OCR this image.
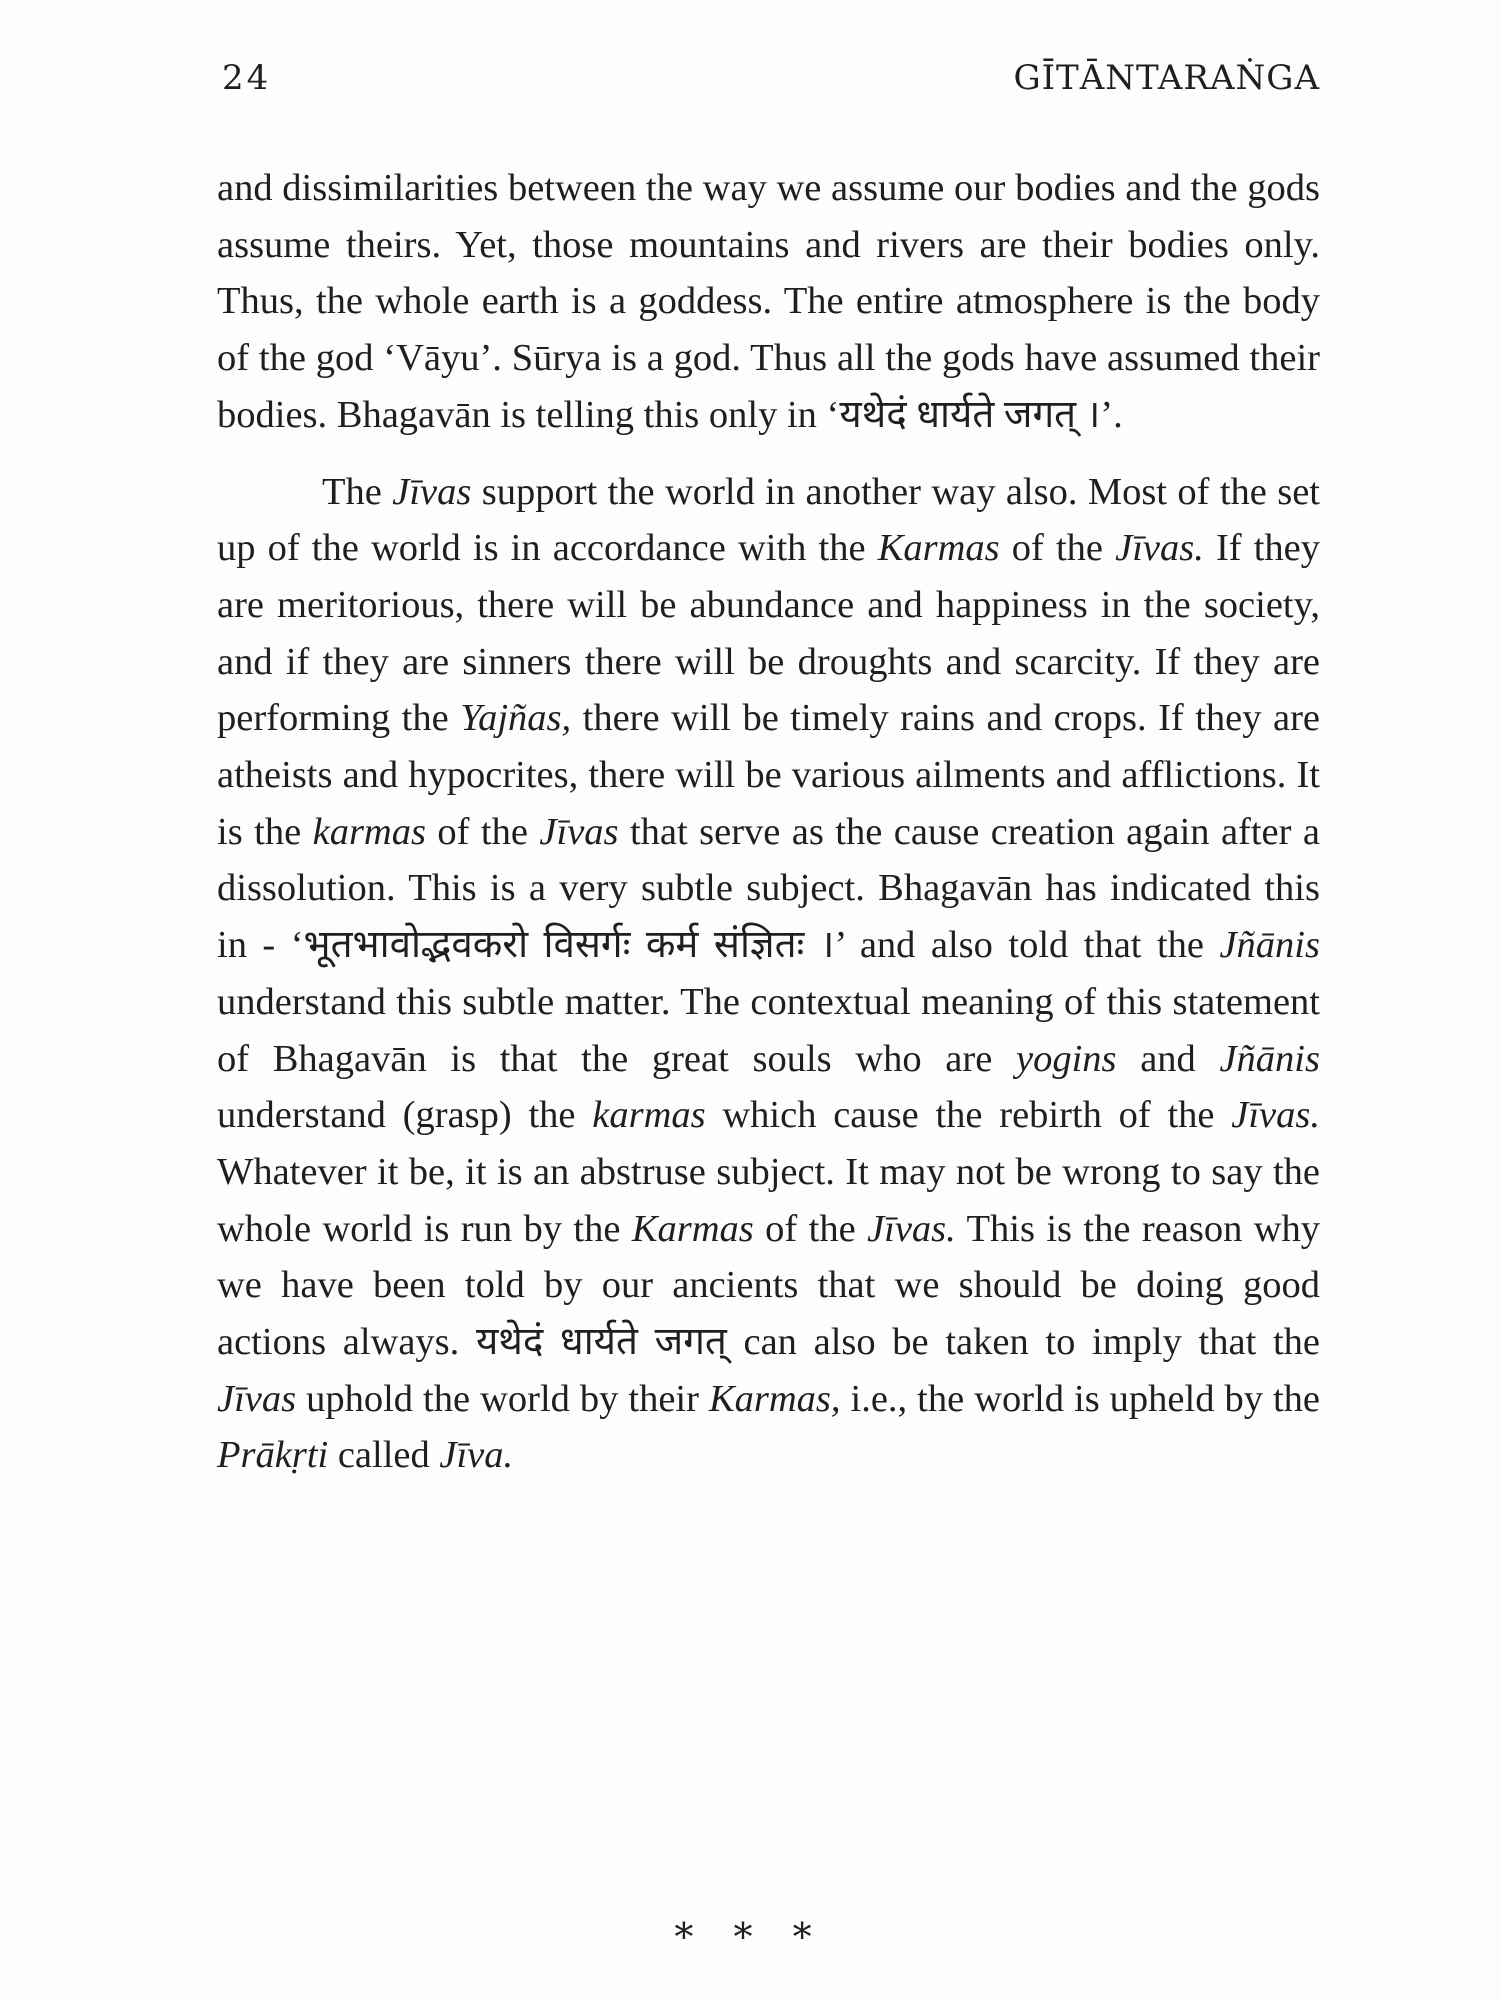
24	GĪTĀNTARAṄGA

and dissimilarities between the way we assume our bodies and the gods assume theirs. Yet, those mountains and rivers are their bodies only. Thus, the whole earth is a goddess. The entire atmosphere is the body of the god ‘Vāyu’. Sūrya is a god. Thus all the gods have assumed their bodies. Bhagavān is telling this only in ‘यथेदं धार्यते जगत् ।’.

The Jīvas support the world in another way also. Most of the set up of the world is in accordance with the Karmas of the Jīvas. If they are meritorious, there will be abundance and happiness in the society, and if they are sinners there will be droughts and scarcity. If they are performing the Yajñas, there will be timely rains and crops. If they are atheists and hypocrites, there will be various ailments and afflictions. It is the karmas of the Jīvas that serve as the cause creation again after a dissolution. This is a very subtle subject. Bhagavān has indicated this in - ‘भूतभावोद्भवकरो विसर्गः कर्म संज्ञितः ।’ and also told that the Jñānis understand this subtle matter. The contextual meaning of this statement of Bhagavān is that the great souls who are yogins and Jñānis understand (grasp) the karmas which cause the rebirth of the Jīvas. Whatever it be, it is an abstruse subject. It may not be wrong to say the whole world is run by the Karmas of the Jīvas. This is the reason why we have been told by our ancients that we should be doing good actions always. यथेदं धार्यते जगत् can also be taken to imply that the Jīvas uphold the world by their Karmas, i.e., the world is upheld by the Prākṛti called Jīva.

* * *
